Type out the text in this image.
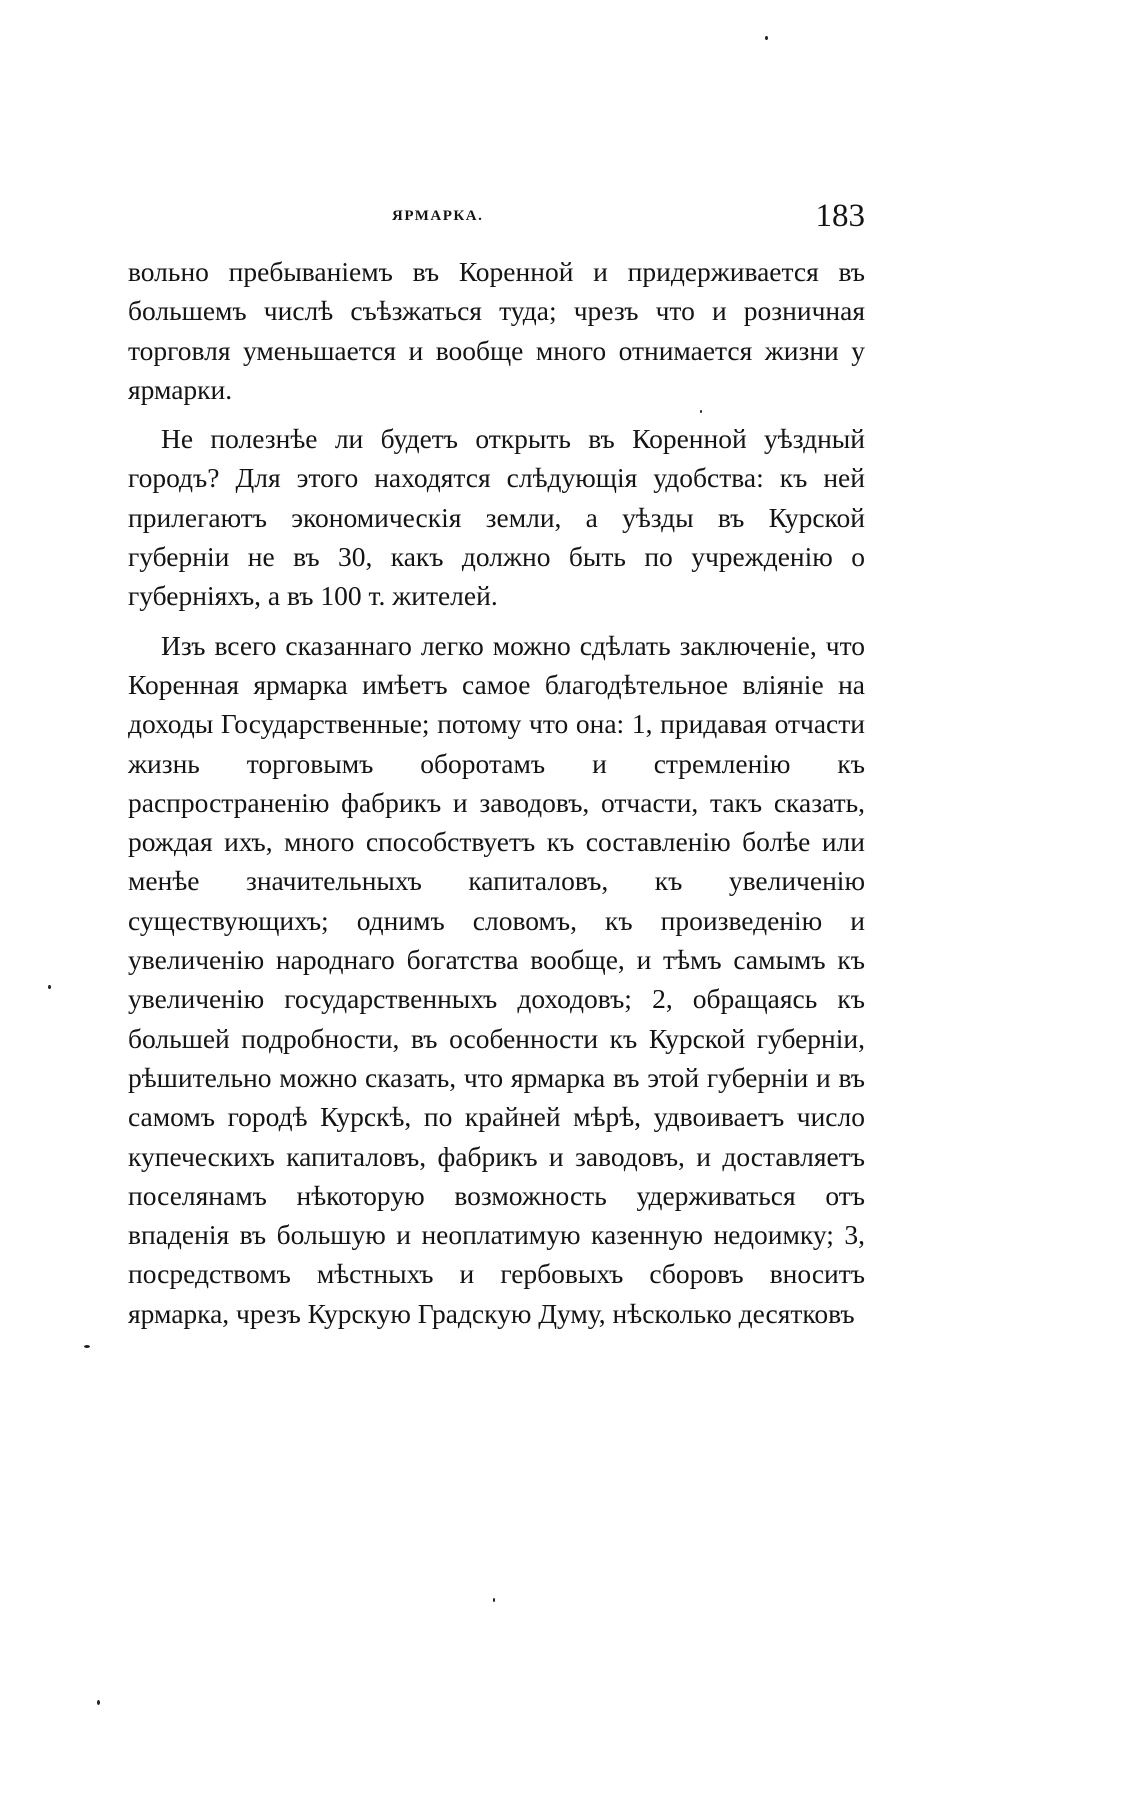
ЯРМАРКА.	183

вольно пребываніемъ въ Коренной и придерживается въ большемъ числѣ съѣзжаться туда; чрезъ что и розничная торговля уменьшается и вообще много отнимается жизни у ярмарки.

Не полезнѣе ли будетъ открыть въ Коренной уѣздный городъ? Для этого находятся слѣдующія удобства: къ ней прилегаютъ экономическія земли, а уѣзды въ Курской губерніи не въ 30, какъ должно быть по учрежденію о губерніяхъ, а въ 100 т. жителей.

Изъ всего сказаннаго легко можно сдѣлать заключеніе, что Коренная ярмарка имѣетъ самое благодѣтельное вліяніе на доходы Государственные; потому что она: 1, придавая отчасти жизнь торговымъ оборотамъ и стремленію къ распространенію фабрикъ и заводовъ, отчасти, такъ сказать, рождая ихъ, много способствуетъ къ составленію болѣе или менѣе значительныхъ капиталовъ, къ увеличенію существующихъ; однимъ словомъ, къ произведенію и увеличенію народнаго богатства вообще, и тѣмъ самымъ къ увеличенію государственныхъ доходовъ; 2, обращаясь къ большей подробности, въ особенности къ Курской губерніи, рѣшительно можно сказать, что ярмарка въ этой губерніи и въ самомъ городѣ Курскѣ, по крайней мѣрѣ, удвоиваетъ число купеческихъ капиталовъ, фабрикъ и заводовъ, и доставляетъ поселянамъ нѣкоторую возможность удерживаться отъ впаденія въ большую и неоплатимую казенную недоимку; 3, посредствомъ мѣстныхъ и гербовыхъ сборовъ вноситъ ярмарка, чрезъ Курскую Градскую Думу, нѣсколько десятковъ
